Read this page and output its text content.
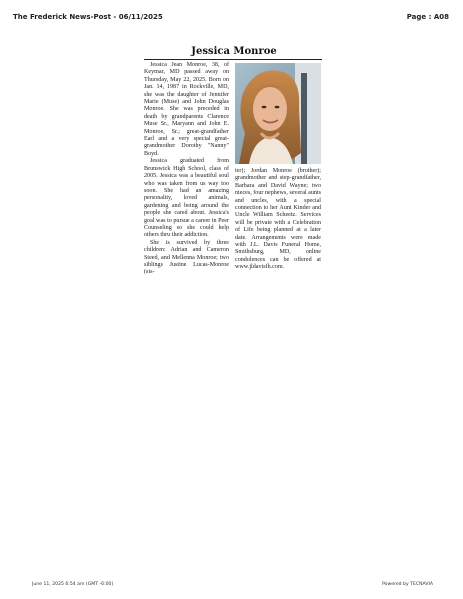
The Frederick News-Post - 06/11/2025	Page : A08
Jessica Monroe

Jessica Jean Monroe, 38, of Keymar, MD passed away on Thursday, May 22, 2025. Born on Jan. 14, 1987 in Rockville, MD, she was the daughter of Jennifer Marie (Muse) and John Douglas Monroe. She was preceded in death by grandparents Clarence Muse Sr., Maryann and John E. Monroe, Sr.; great-grandfather Earl and a very special great-grandmother Dorothy "Nanny" Boyd.

Jessica graduated from Brunswick High School, class of 2005. Jessica was a beautiful soul who was taken from us way too soon. She had an amazing personality, loved animals, gardening and being around the people she cared about. Jessica's goal was to pursue a career in Peer Counseling so she could help others thru their addiction.

She is survived by three children: Adrian and Cameron Steed, and Mellenna Monroe; two siblings Justine Lucas-Monroe (sis-

ter); Jordan Monroe (brother); grandmother and step-grandfather, Barbara and David Wayne; two nieces, four nephews, several aunts and uncles, with a special connection to her Aunt Kinder and Uncle William Scheetz. Services will be private with a Celebration of Life being planned at a later date. Arrangements were made with J.L. Davis Funeral Home, Smithsburg, MD, online condolences can be offered at www.jldavisfh.com.

June 11, 2025 6:54 am (GMT -6:00)	Powered by TECNAVIA
